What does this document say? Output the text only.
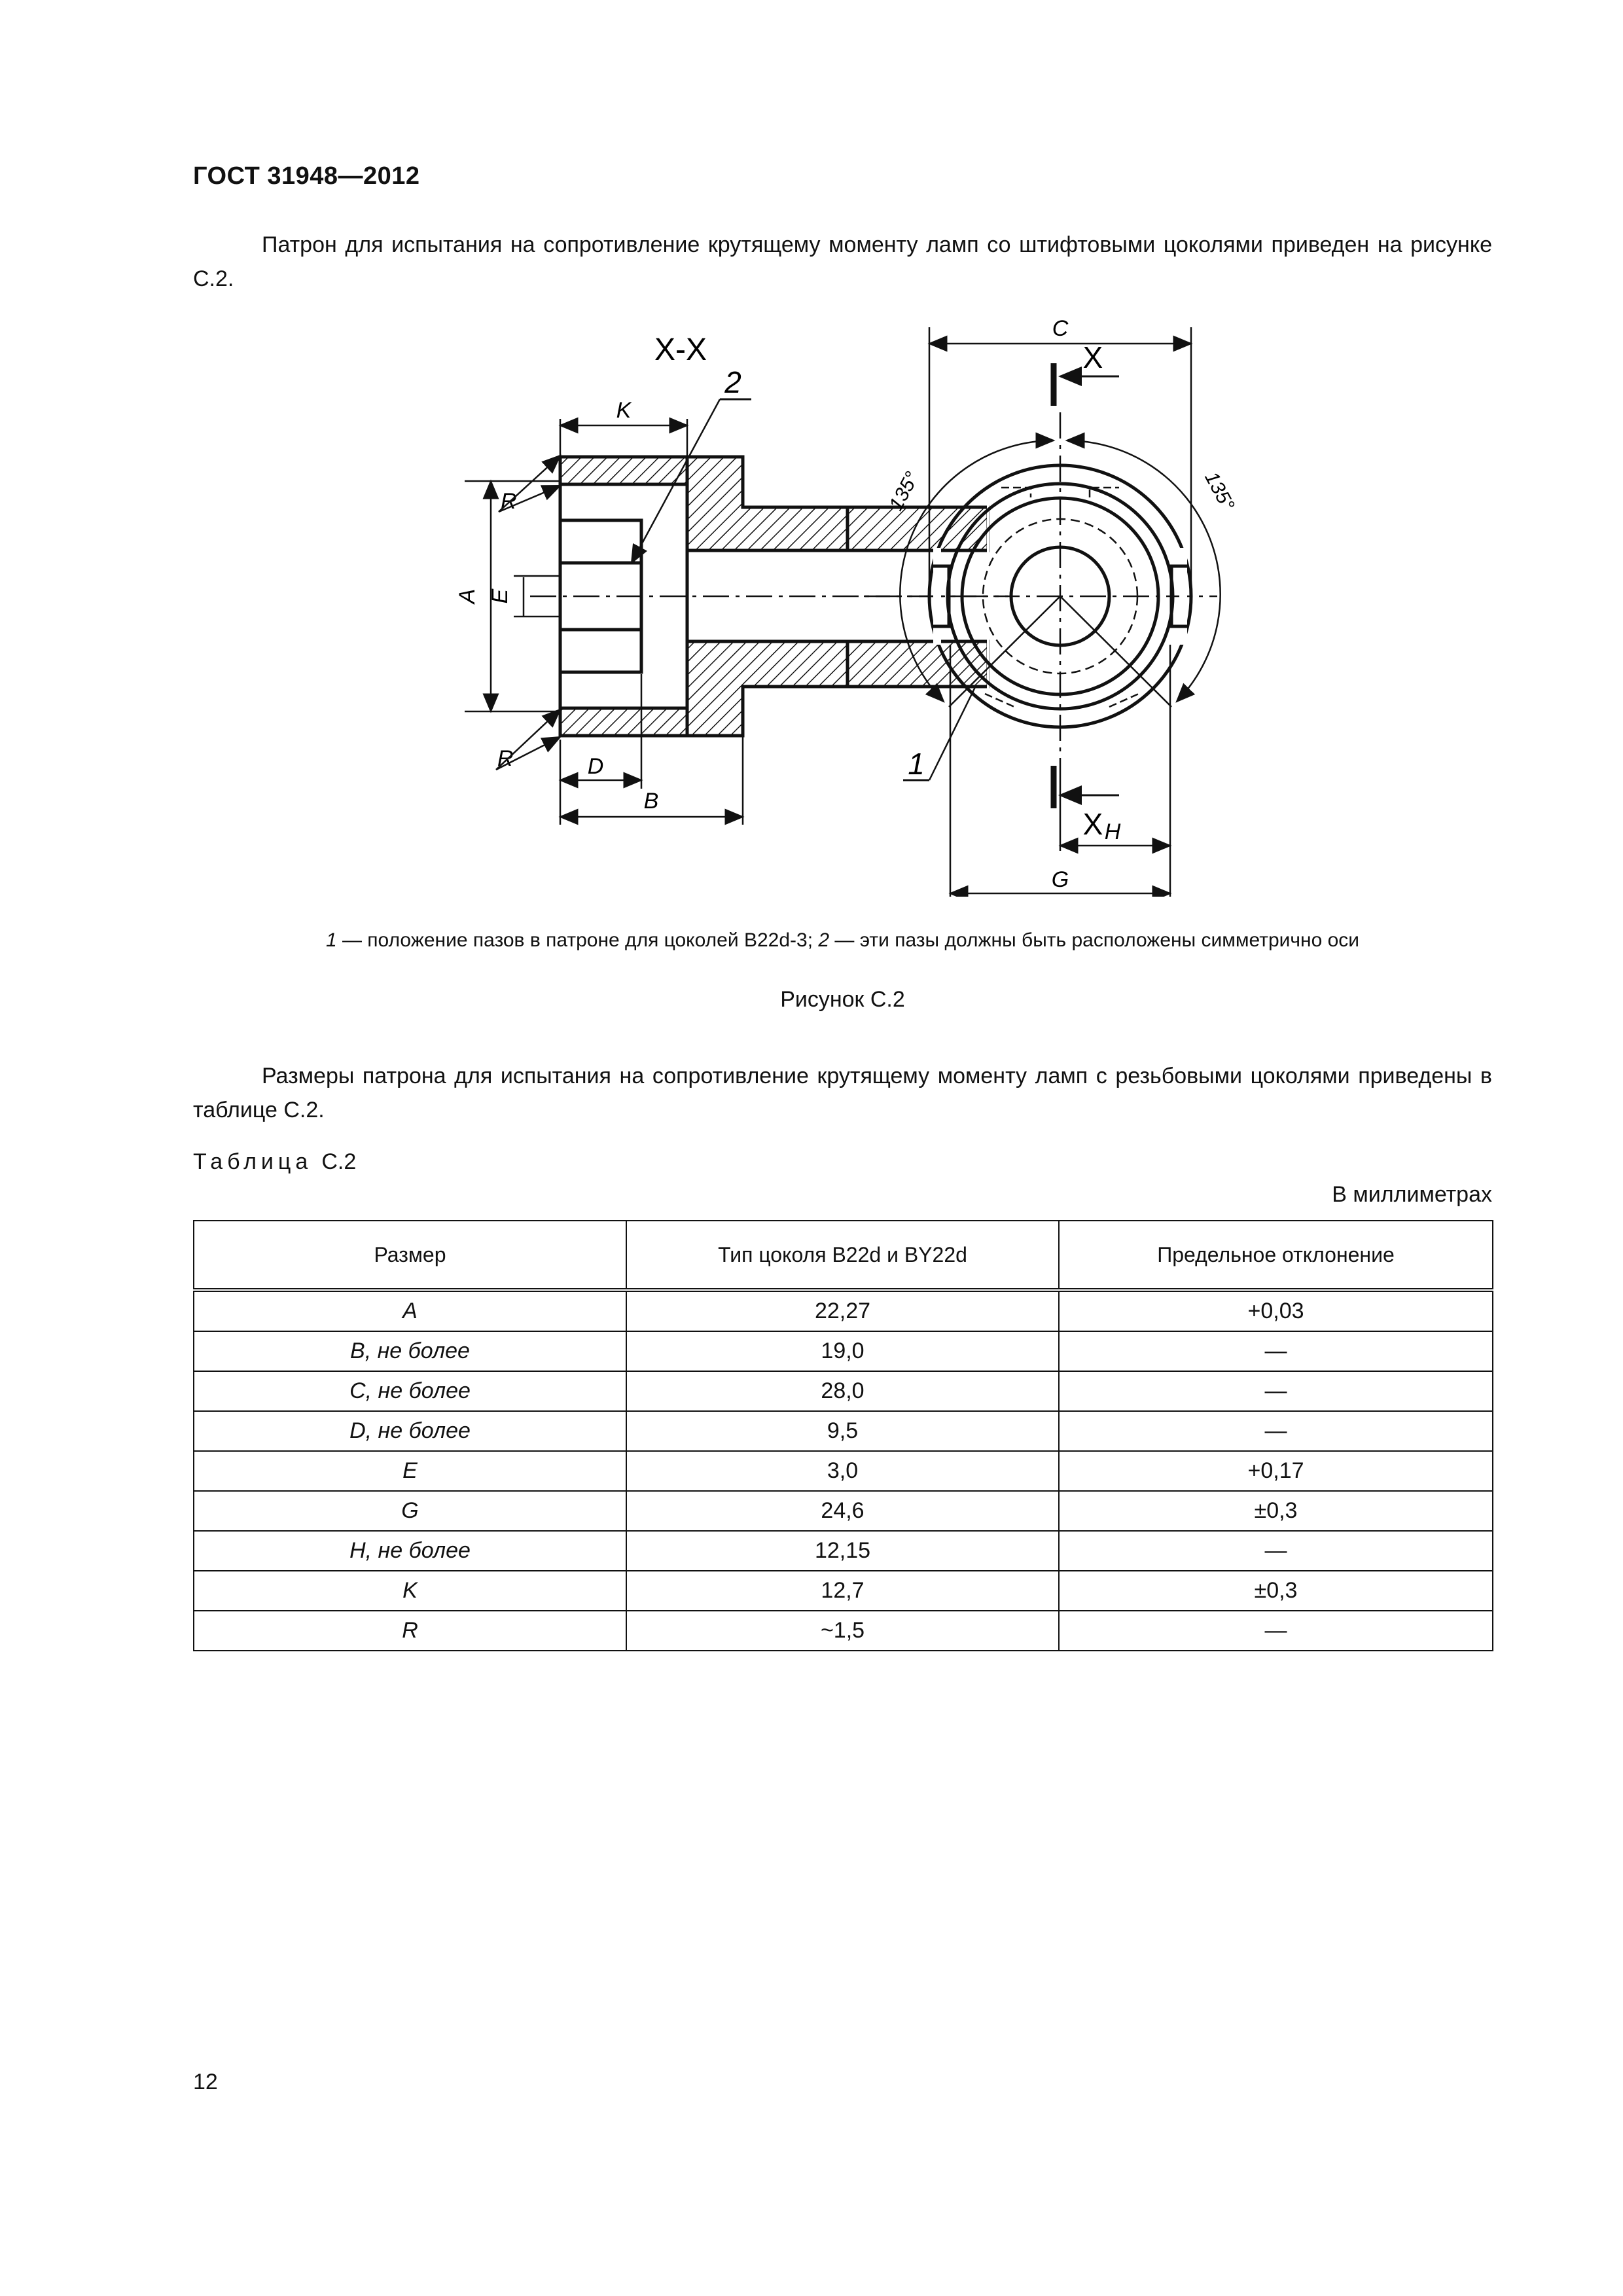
ГОСТ 31948—2012
Патрон для испытания на сопротивление крутящему моменту ламп со штифтовыми цоколями приведен на рисунке С.2.
X-X
A E
K
2
R
R	D
B
135°	135°
C
X
X
1
H
G
1 — положение пазов в патроне для цоколей В22d-3; 2 — эти пазы должны быть расположены симметрично оси
Рисунок С.2
Размеры патрона для испытания на сопротивление крутящему моменту ламп с резьбовыми цоколями приведены в таблице С.2.
Таблица С.2
В миллиметрах
Размер	Тип цоколя В22d и BY22d	Предельное отклонение
A	22,27	+0,03
B, не более	19,0	—
C, не более	28,0	—
D, не более	9,5	—
E	3,0	+0,17
G	24,6	±0,3
H, не более	12,15	—
K	12,7	±0,3
R	~1,5	—
12
